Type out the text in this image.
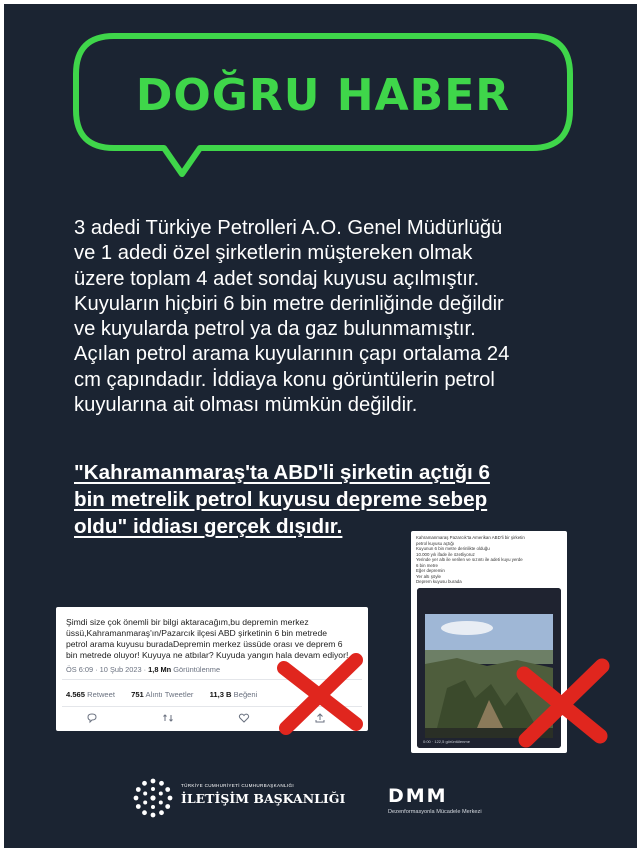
DOĞRU HABER
3 adedi Türkiye Petrolleri A.O. Genel Müdürlüğü
ve 1 adedi özel şirketlerin müştereken olmak
üzere toplam 4 adet sondaj kuyusu açılmıştır.
Kuyuların hiçbiri 6 bin metre derinliğinde değildir
ve kuyularda petrol ya da gaz bulunmamıştır.
Açılan petrol arama kuyularının çapı ortalama 24
cm çapındadır. İddiaya konu görüntülerin petrol
kuyularına ait olması mümkün değildir.
"Kahramanmaraş'ta ABD'li şirketin açtığı 6
bin metrelik petrol kuyusu depreme sebep
oldu" iddiası gerçek dışıdır.
Şimdi size çok önemli bir bilgi aktaracağım,bu depremin merkez
üssü,Kahramanmaraş'ın/Pazarcık ilçesi ABD şirketinin 6 bin metrede
petrol arama kuyusu buradaDepremin merkez üssüde orası ve deprem 6
bin metrede oluyor! Kuyuya ne atbılar? Kuyuda yangın hala devam ediyor!
ÖS 6:09 · 10 Şub 2023 · 1,8 Mn Görüntülenme
4.565 Retweet 751 Alıntı Tweetler 11,3 B Beğeni
Kahramanmaraş Pazarcık'ta Amerikan ABD'li bir şirketin
petrol kuyusu açtığı
Kuyunun 6 bin metre derinlikte olduğu
10.000 yılı ifade ile özetliyoruz
Yerinde yer altı ile verilen ve sızıntı ile adeti kuyu yerde
6 bin metre
Eğer depremin
Yer altı şöyle
Deprem kuyusu burada
0:00 · 122,5 görüntülenme
TÜRKİYE CUMHURİYETİ CUMHURBAŞKANLIĞI
İLETİŞİM BAŞKANLIĞI DMM
Dezenformasyonla Mücadele Merkezi
